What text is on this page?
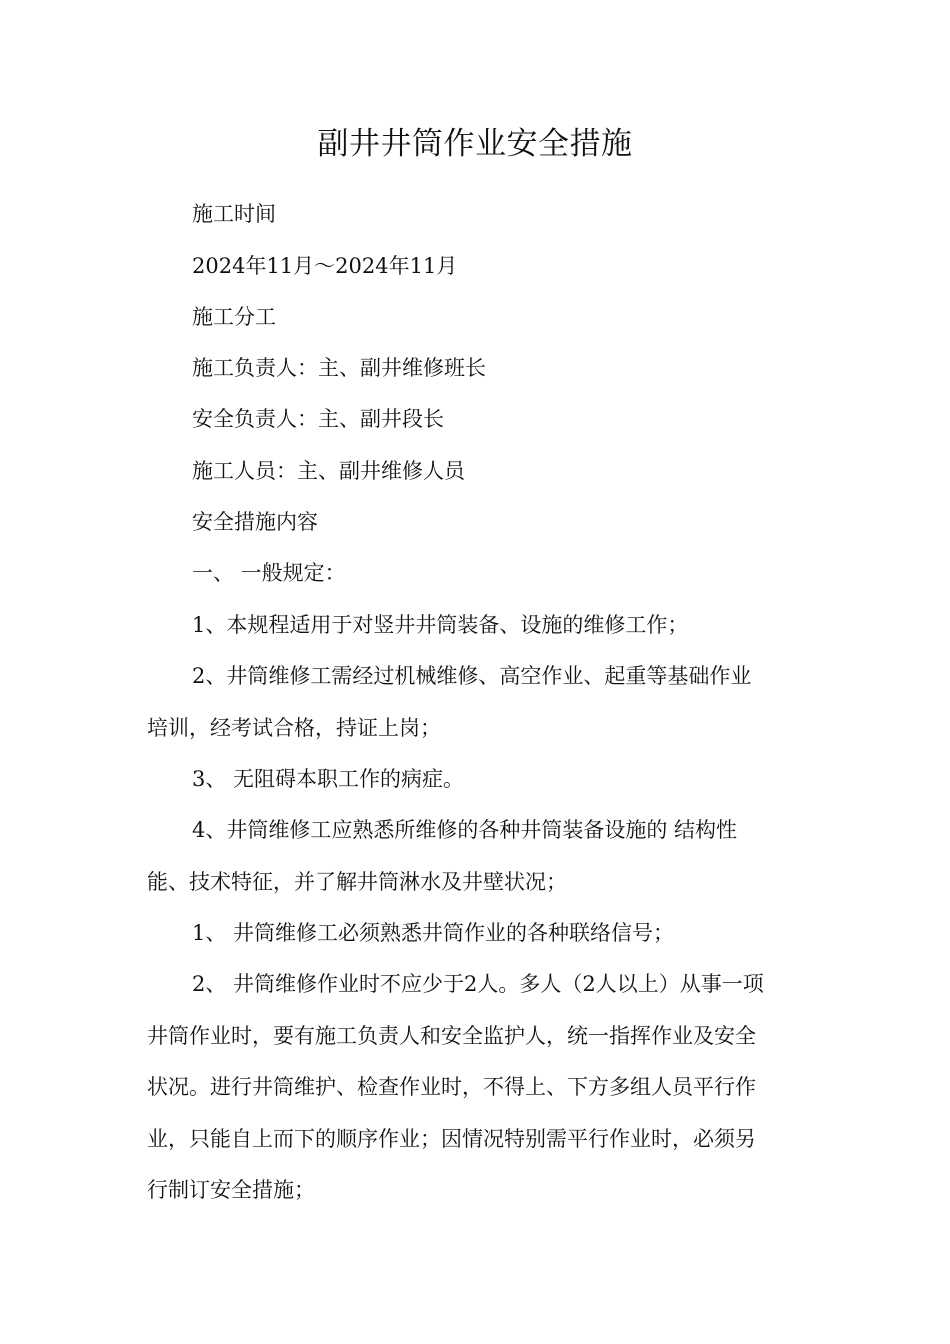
副井井筒作业安全措施

施工时间

2024年11月～2024年11月

施工分工

施工负责人：主、副井维修班长

安全负责人：主、副井段长

施工人员：主、副井维修人员

安全措施内容

一、 一般规定：

1、本规程适用于对竖井井筒装备、设施的维修工作；

2、井筒维修工需经过机械维修、高空作业、起重等基础作业

培训，经考试合格，持证上岗；

3、 无阻碍本职工作的病症。

4、井筒维修工应熟悉所维修的各种井筒装备设施的 结构性

能、技术特征，并了解井筒淋水及井壁状况；

1、 井筒维修工必须熟悉井筒作业的各种联络信号；

2、 井筒维修作业时不应少于2人。多人（2人以上）从事一项

井筒作业时，要有施工负责人和安全监护人，统一指挥作业及安全

状况。进行井筒维护、检查作业时，不得上、下方多组人员平行作

业，只能自上而下的顺序作业；因情况特别需平行作业时，必须另

行制订安全措施；
